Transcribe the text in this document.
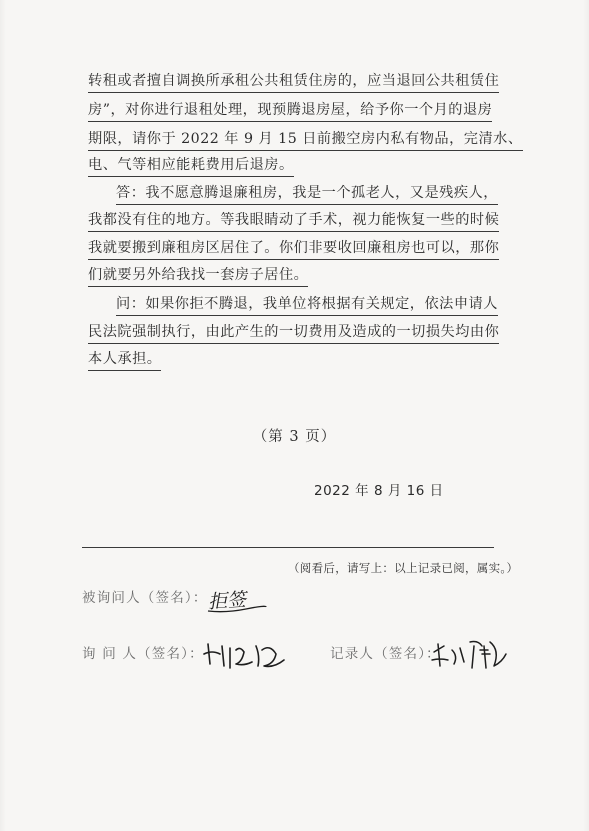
转租或者擅自调换所承租公共租赁住房的，应当退回公共租赁住
房”，对你进行退租处理，现预腾退房屋，给予你一个月的退房
期限，请你于 2022 年 9 月 15 日前搬空房内私有物品，完清水、
电、气等相应能耗费用后退房。
答：我不愿意腾退廉租房，我是一个孤老人，又是残疾人，
我都没有住的地方。等我眼睛动了手术，视力能恢复一些的时候
我就要搬到廉租房区居住了。你们非要收回廉租房也可以，那你
们就要另外给我找一套房子居住。
问：如果你拒不腾退，我单位将根据有关规定，依法申请人
民法院强制执行，由此产生的一切费用及造成的一切损失均由你
本人承担。
（第 3 页）
2022 年 8 月 16 日
（阅看后，请写上：以上记录已阅，属实。）
被询问人（签名）： 拒签
询 问 人（签名）：	记录人（签名）：
